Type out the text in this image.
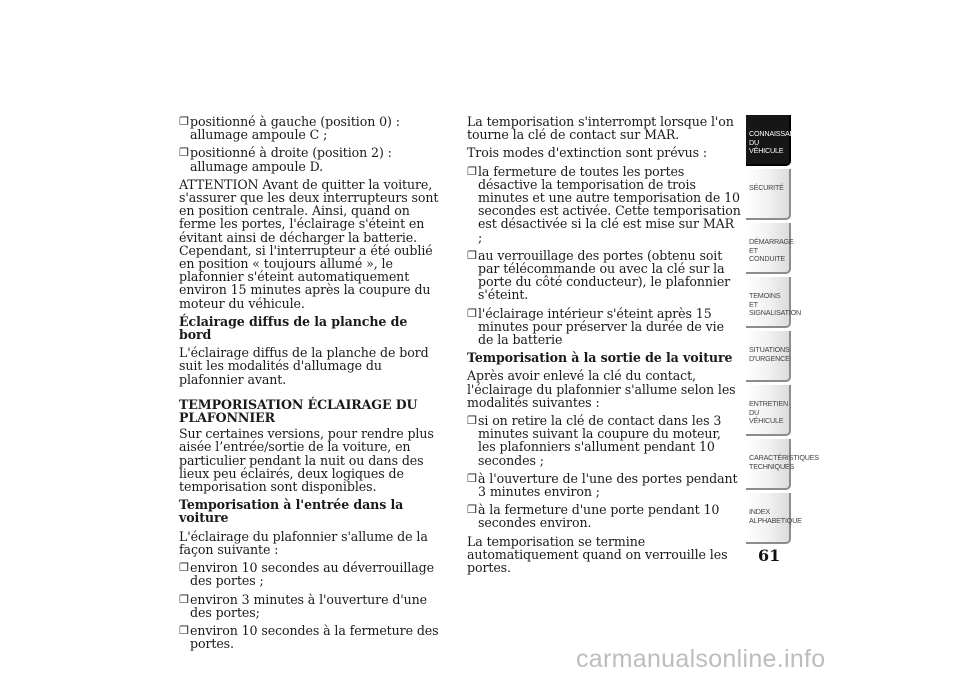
❐ positionné à gauche (position 0) : allumage ampoule C ;
❐ positionné à droite (position 2) : allumage ampoule D.

ATTENTION Avant de quitter la voiture, s'assurer que les deux interrupteurs sont en position centrale. Ainsi, quand on ferme les portes, l'éclairage s'éteint en évitant ainsi de décharger la batterie. Cependant, si l'interrupteur a été oublié en position « toujours allumé », le plafonnier s'éteint automatiquement environ 15 minutes après la coupure du moteur du véhicule.

Éclairage diffus de la planche de bord

L'éclairage diffus de la planche de bord suit les modalités d'allumage du plafonnier avant.

TEMPORISATION ÉCLAIRAGE DU PLAFONNIER

Sur certaines versions, pour rendre plus aisée l’entrée/sortie de la voiture, en particulier pendant la nuit ou dans des lieux peu éclairés, deux logiques de temporisation sont disponibles.

Temporisation à l'entrée dans la voiture

L'éclairage du plafonnier s'allume de la façon suivante :

❐ environ 10 secondes au déverrouillage des portes ;
❐ environ 3 minutes à l'ouverture d'une des portes;
❐ environ 10 secondes à la fermeture des portes.

La temporisation s'interrompt lorsque l'on tourne la clé de contact sur MAR.

Trois modes d'extinction sont prévus :

❐ la fermeture de toutes les portes désactive la temporisation de trois minutes et une autre temporisation de 10 secondes est activée. Cette temporisation est désactivée si la clé est mise sur MAR ;
❐ au verrouillage des portes (obtenu soit par télécommande ou avec la clé sur la porte du côté conducteur), le plafonnier s'éteint.
❐ l'éclairage intérieur s'éteint après 15 minutes pour préserver la durée de vie de la batterie

Temporisation à la sortie de la voiture

Après avoir enlevé la clé du contact, l'éclairage du plafonnier s'allume selon les modalités suivantes :

❐ si on retire la clé de contact dans les 3 minutes suivant la coupure du moteur, les plafonniers s'allument pendant 10 secondes ;
❐ à l'ouverture de l'une des portes pendant 3 minutes environ ;
❐ à la fermeture d'une porte pendant 10 secondes environ.

La temporisation se termine automatiquement quand on verrouille les portes.

CONNAISSANCE DU
VÉHICULE
SÉCURITÉ

DÉMARRAGE ET
CONDUITE
TEMOINS ET
SIGNALISATION
SITUATIONS
D'URGENCE
ENTRETIEN DU
VÉHICULE
CARACTÉRISTIQUES
TECHNIQUES
INDEX
ALPHABETIQUE
61
carmanualsonline.info
